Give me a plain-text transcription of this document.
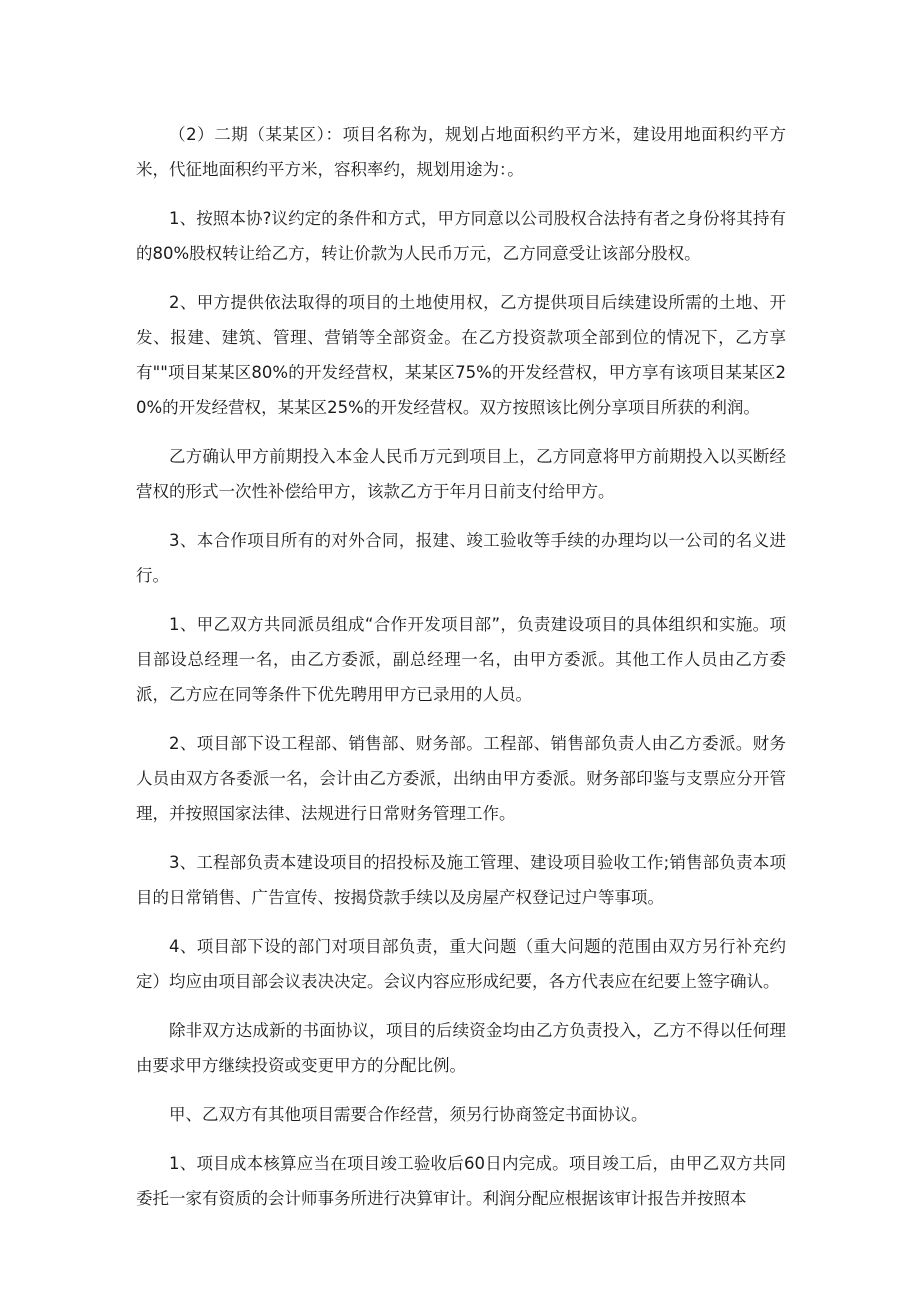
（2）二期（某某区）：项目名称为，规划占地面积约平方米，建设用地面积约平方米，代征地面积约平方米，容积率约，规划用途为：。

1、按照本协?议约定的条件和方式，甲方同意以公司股权合法持有者之身份将其持有的80%股权转让给乙方，转让价款为人民币万元，乙方同意受让该部分股权。

2、甲方提供依法取得的项目的土地使用权，乙方提供项目后续建设所需的土地、开发、报建、建筑、管理、营销等全部资金。在乙方投资款项全部到位的情况下，乙方享有""项目某某区80%的开发经营权，某某区75%的开发经营权，甲方享有该项目某某区20%的开发经营权，某某区25%的开发经营权。双方按照该比例分享项目所获的利润。

乙方确认甲方前期投入本金人民币万元到项目上，乙方同意将甲方前期投入以买断经营权的形式一次性补偿给甲方，该款乙方于年月日前支付给甲方。

3、本合作项目所有的对外合同，报建、竣工验收等手续的办理均以一公司的名义进行。

1、甲乙双方共同派员组成“合作开发项目部”，负责建设项目的具体组织和实施。项目部设总经理一名，由乙方委派，副总经理一名，由甲方委派。其他工作人员由乙方委派，乙方应在同等条件下优先聘用甲方已录用的人员。

2、项目部下设工程部、销售部、财务部。工程部、销售部负责人由乙方委派。财务人员由双方各委派一名，会计由乙方委派，出纳由甲方委派。财务部印鉴与支票应分开管理，并按照国家法律、法规进行日常财务管理工作。

3、工程部负责本建设项目的招投标及施工管理、建设项目验收工作;销售部负责本项目的日常销售、广告宣传、按揭贷款手续以及房屋产权登记过户等事项。

4、项目部下设的部门对项目部负责，重大问题（重大问题的范围由双方另行补充约定）均应由项目部会议表决决定。会议内容应形成纪要，各方代表应在纪要上签字确认。

除非双方达成新的书面协议，项目的后续资金均由乙方负责投入，乙方不得以任何理由要求甲方继续投资或变更甲方的分配比例。

甲、乙双方有其他项目需要合作经营，须另行协商签定书面协议。

1、项目成本核算应当在项目竣工验收后60日内完成。项目竣工后，由甲乙双方共同委托一家有资质的会计师事务所进行决算审计。利润分配应根据该审计报告并按照本
